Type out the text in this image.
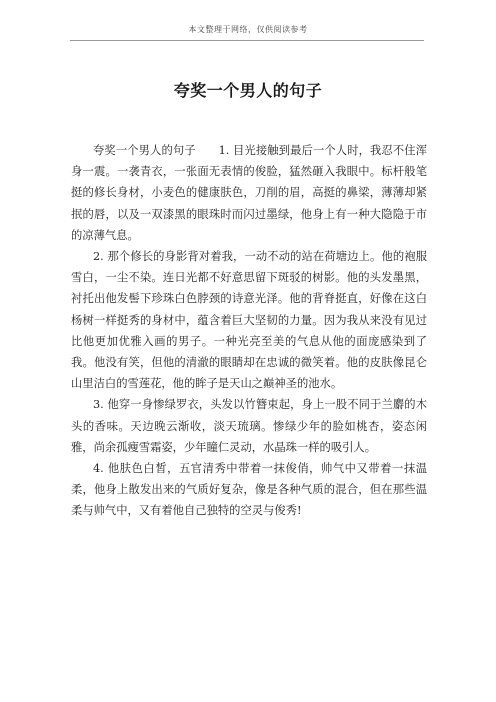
本文整理于网络，仅供阅读参考
夸奖一个男人的句子

夸奖一个男人的句子　　1. 目光接触到最后一个人时，我忍不住浑身一震。一袭青衣，一张面无表情的俊脸，猛然砸入我眼中。标杆般笔挺的修长身材，小麦色的健康肤色，刀削的眉，高挺的鼻梁，薄薄却紧抿的唇，以及一双漆黑的眼珠时而闪过墨绿，他身上有一种大隐隐于市的凉薄气息。

2. 那个修长的身影背对着我，一动不动的站在荷塘边上。他的袍服雪白，一尘不染。连日光都不好意思留下斑驳的树影。他的头发墨黑，衬托出他发髻下珍珠白色脖颈的诗意光泽。他的背脊挺直，好像在这白杨树一样挺秀的身材中，蕴含着巨大坚韧的力量。因为我从来没有见过比他更加优雅入画的男子。一种光亮至美的气息从他的面庞感染到了我。他没有笑，但他的清澈的眼睛却在忠诚的微笑着。他的皮肤像昆仑山里洁白的雪莲花，他的眸子是天山之巅神圣的池水。

3. 他穿一身惨绿罗衣，头发以竹簪束起，身上一股不同于兰麝的木头的香味。天边晚云渐收，淡天琉璃。惨绿少年的脸如桃杏，姿态闲雅，尚余孤瘦雪霜姿，少年瞳仁灵动，水晶珠一样的吸引人。

4. 他肤色白皙，五官清秀中带着一抹俊俏，帅气中又带着一抹温柔，他身上散发出来的气质好复杂，像是各种气质的混合，但在那些温柔与帅气中，又有着他自己独特的空灵与俊秀!
